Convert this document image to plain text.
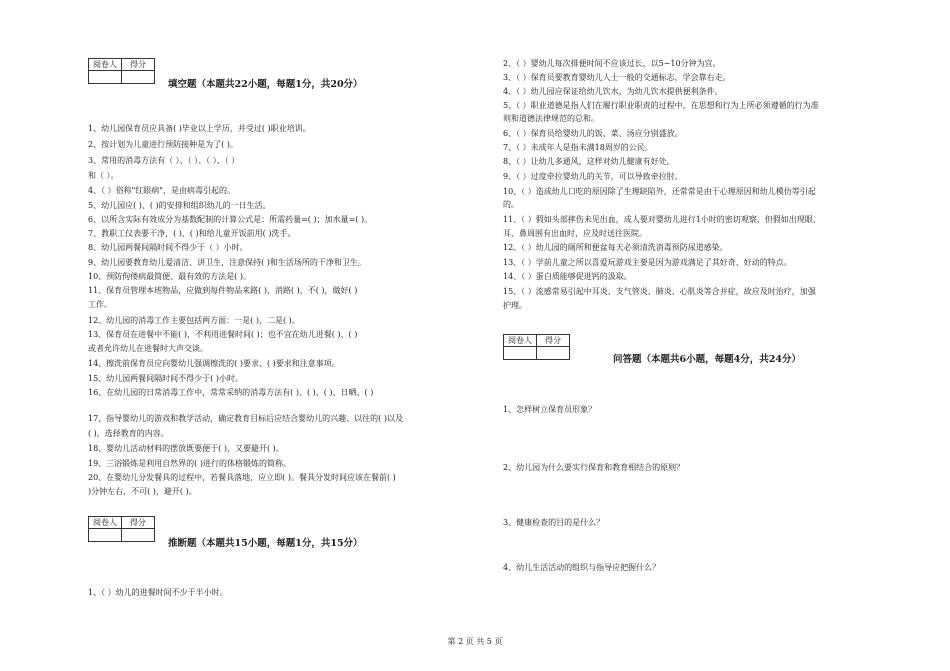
阅卷人	得分

填空题（本题共22小题，每题1分，共20分）
1、幼儿园保育员应具备( )毕业以上学历，并受过( )职业培训。
2、按计划为儿童进行预防接种是为了( )。
3、常用的消毒方法有（ ）、（ ）、（ ）、（ ）
和（ ）。
4、（ ）俗称"红眼病"，是由病毒引起的。
5、幼儿园应( )、( )的安排和组织幼儿的一日生活。
6、以所含实际有效成分为基数配制的计算公式是：所需药量=( )；加水量=( )。
7、教职工仪表要干净，( )、( )和给儿童开饭前用( )洗手。
8、幼儿园两餐间隔时间不得少于（ ）小时。
9、幼儿园要教育幼儿爱清洁、讲卫生，注意保持( )和生活场所的干净和卫生。
10、预防佝偻病最简便、最有效的方法是( )。
11、保育员管理本班物品，应做到每件物品来路( )，消路( )，不( )，做好( )
工作。
12、幼儿园的消毒工作主要包括两方面：一是( )，二是( )。
13、保育员在进餐中不能( )，不利用进餐时间( )；也不宜在幼儿进餐( )、( )
或者允许幼儿在进餐时大声交谈。
14、擦洗前保育员应向婴幼儿强调擦洗的( )要求、( )要求和注意事项。
15、幼儿园两餐间隔时间不得少于( )小时。
16、在幼儿园的日常消毒工作中，常常采纳的消毒方法有( )、( )、( )、日晒、( )
17、指导婴幼儿的游戏和教学活动，确定教育目标后应结合婴幼儿的兴趣、以往的( )以及
( )，选择教育的内容。
18、婴幼儿活动材料的摆放既要便于( )，又要避开( )。
19、三浴锻炼是利用自然界的( )进行的体格锻炼的简称。
20、在婴幼儿分发餐具的过程中，若餐具落地，应立即( )。餐具分发时间应该在餐前( )
)分钟左右，不可( )，避开( )。
阅卷人	得分

推断题（本题共15小题，每题1分，共15分）
1、（ ）幼儿的进餐时间不少于半小时。
2、（ ）婴幼儿每次排便时间不应该过长，以5~10分钟为宜。
3、（ ）保育员要教育婴幼儿人士一般的交通标志，学会靠右走。
4、（ ）幼儿园应保证给幼儿饮水，为幼儿饮水提供便利条件。
5、（ ）职业道德是指人们在履行职业职责的过程中，在思想和行为上所必须遵循的行为准
则和道德法律规范的总和。
6、（ ）保育员给婴幼儿的饭、菜、汤应分别盛放。
7、（ ）未成年人是指未满18周岁的公民。
8、（ ）让幼儿多通风，这样对幼儿健康有好处。
9、（ ）过度牵拉婴幼儿的关节，可以导致牵拉肘。
10、（ ）造成幼儿口吃的原因除了生理缺陷外，还常常是由于心理原因和幼儿模仿等引起
的。
11、（ ）假如头部摔伤未见出血，成人要对婴幼儿进行1小时的密切观察，但假如出现眼、
耳、鼻周围有出血时，应及时送往医院。
12、（ ）幼儿园的厕所和便盆每天必须清洗消毒预防尿道感染。
13、（ ）学前儿童之所以喜爱玩游戏主要是因为游戏满足了其好奇、好动的特点。
14、（ ）蛋白质能够促进钙的汲取。
15、（ ）流感常易引起中耳炎、支气管炎、肺炎、心肌炎等合并症，故应及时治疗，加强
护理。
阅卷人	得分

问答题（本题共6小题，每题4分，共24分）
1、怎样树立保育员形象？
2、幼儿园为什么要实行保育和教育相结合的原则？
3、健康检查的目的是什么？
4、幼儿生活活动的组织与指导应把握什么？
第 2 页 共 5 页
